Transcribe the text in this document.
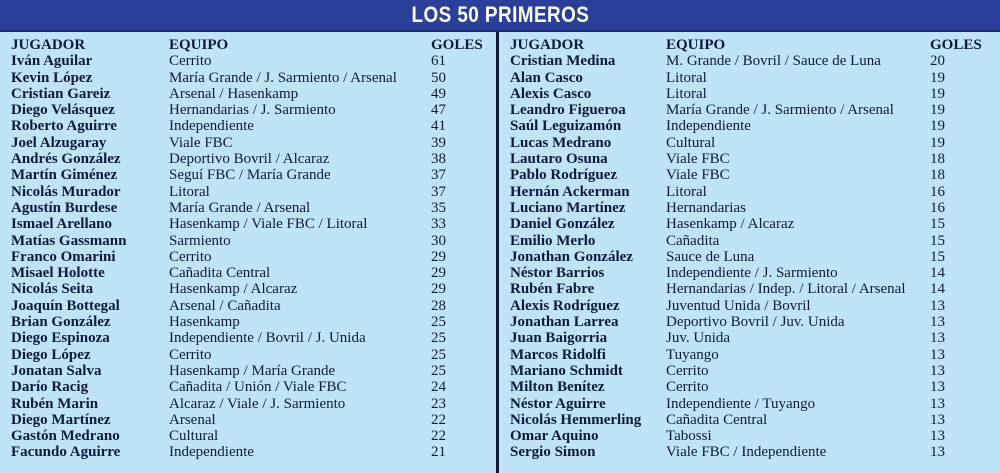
LOS 50 PRIMEROS
JUGADOR	EQUIPO	GOLES
Iván Aguilar	Cerrito	61
Kevin López	María Grande / J. Sarmiento / Arsenal	50
Cristian Gareiz	Arsenal / Hasenkamp	49
Diego Velásquez	Hernandarias / J. Sarmiento	47
Roberto Aguirre	Independiente	41
Joel Alzugaray	Viale FBC	39
Andrés González	Deportivo Bovril / Alcaraz	38
Martín Giménez	Seguí FBC / María Grande	37
Nicolás Murador	Litoral	37
Agustín Burdese	María Grande / Arsenal	35
Ismael Arellano	Hasenkamp / Viale FBC / Litoral	33
Matías Gassmann	Sarmiento	30
Franco Omarini	Cerrito	29
Misael Holotte	Cañadita Central	29
Nicolás Seita	Hasenkamp / Alcaraz	29
Joaquín Bottegal	Arsenal / Cañadita	28
Brian González	Hasenkamp	25
Diego Espinoza	Independiente / Bovril / J. Unida	25
Diego López	Cerrito	25
Jonatan Salva	Hasenkamp / María Grande	25
Darío Racig	Cañadita / Unión / Viale FBC	24
Rubén Marin	Alcaraz / Viale / J. Sarmiento	23
Diego Martínez	Arsenal	22
Gastón Medrano	Cultural	22
Facundo Aguirre	Independiente	21
JUGADOR	EQUIPO	GOLES
Cristian Medina	M. Grande / Bovril / Sauce de Luna	20
Alan Casco	Litoral	19
Alexis Casco	Litoral	19
Leandro Figueroa	María Grande / J. Sarmiento / Arsenal	19
Saúl Leguizamón	Independiente	19
Lucas Medrano	Cultural	19
Lautaro Osuna	Viale FBC	18
Pablo Rodríguez	Viale FBC	18
Hernán Ackerman	Litoral	16
Luciano Martínez	Hernandarias	16
Daniel González	Hasenkamp / Alcaraz	15
Emilio Merlo	Cañadita	15
Jonathan González	Sauce de Luna	15
Néstor Barrios	Independiente / J. Sarmiento	14
Rubén Fabre	Hernandarias / Indep. / Litoral / Arsenal	14
Alexis Rodríguez	Juventud Unida / Bovril	13
Jonathan Larrea	Deportivo Bovril / Juv. Unida	13
Juan Baigorria	Juv. Unida	13
Marcos Ridolfi	Tuyango	13
Mariano Schmidt	Cerrito	13
Milton Benítez	Cerrito	13
Néstor Aguirre	Independiente / Tuyango	13
Nicolás Hemmerling	Cañadita Central	13
Omar Aquino	Tabossi	13
Sergio Simon	Viale FBC / Independiente	13
